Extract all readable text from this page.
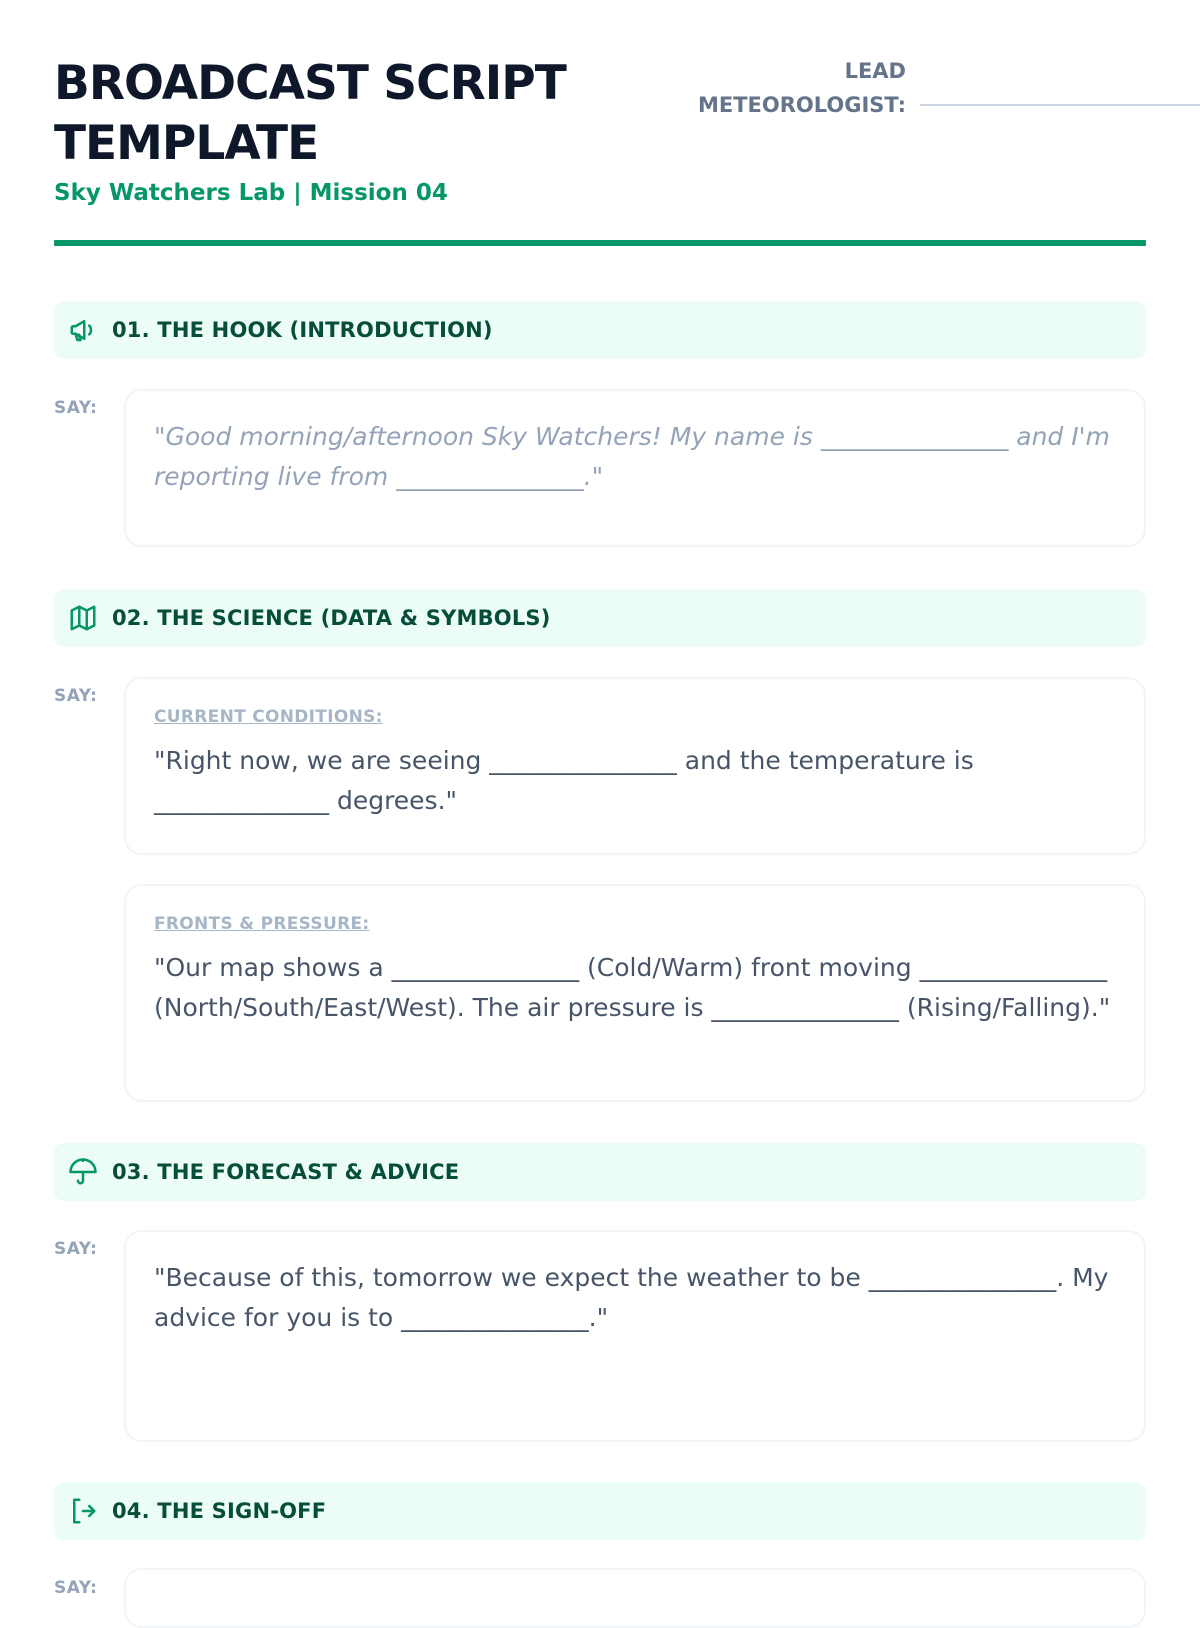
BROADCAST SCRIPT TEMPLATE
Sky Watchers Lab | Mission 04
LEAD METEOROLOGIST:
01. THE HOOK (INTRODUCTION)
SAY:
"Good morning/afternoon Sky Watchers! My name is _______________ and I'm reporting live from _______________."
02. THE SCIENCE (DATA & SYMBOLS)
SAY:
CURRENT CONDITIONS:
"Right now, we are seeing _______________ and the temperature is ______________ degrees."
FRONTS & PRESSURE:
"Our map shows a _______________ (Cold/Warm) front moving _______________ (North/South/East/West). The air pressure is _______________ (Rising/Falling)."
03. THE FORECAST & ADVICE
SAY:
"Because of this, tomorrow we expect the weather to be _______________. My advice for you is to _______________."
04. THE SIGN-OFF
SAY:
